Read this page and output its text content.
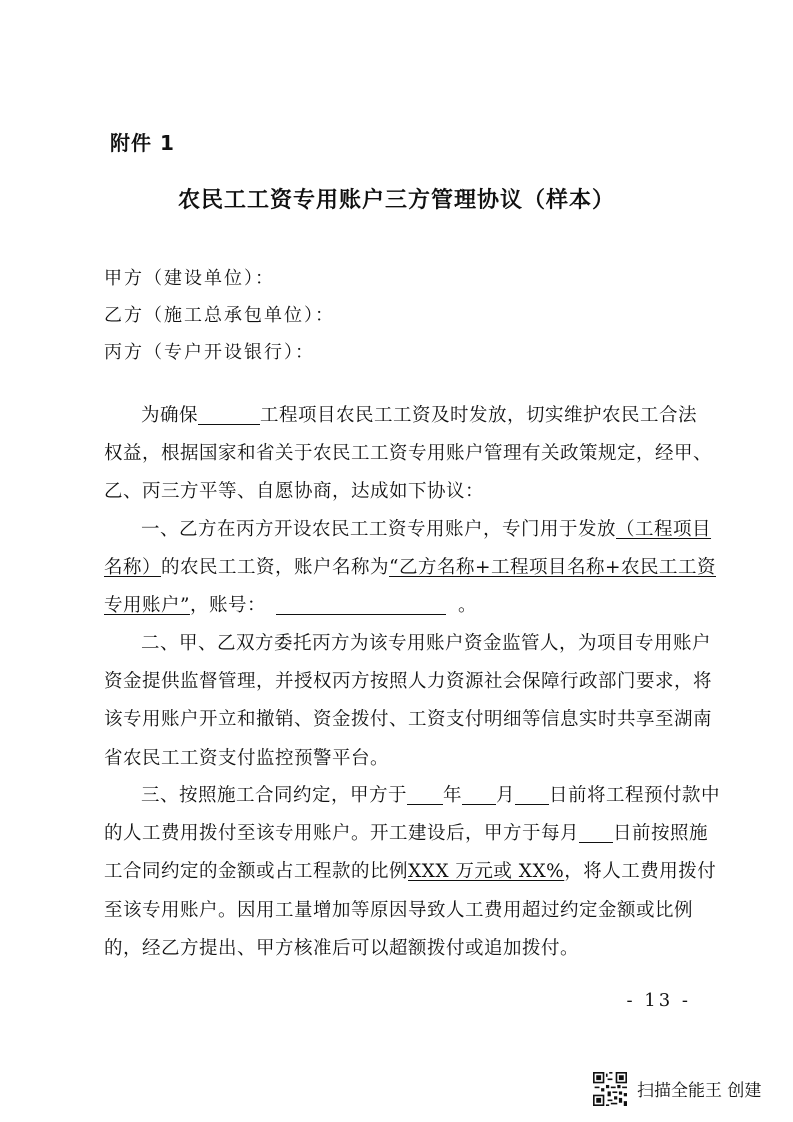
附件 1
农民工工资专用账户三方管理协议（样本）
甲方（建设单位）：
乙方（施工总承包单位）：
丙方（专户开设银行）：
为确保	工程项目农民工工资及时发放，切实维护农民工合法
权益，根据国家和省关于农民工工资专用账户管理有关政策规定，经甲、
乙、丙三方平等、自愿协商，达成如下协议：
一、乙方在丙方开设农民工工资专用账户，专门用于发放（工程项目
名称）的农民工工资，账户名称为“乙方名称+工程项目名称+农民工工资
专用账户”，账号：	。
二、甲、乙双方委托丙方为该专用账户资金监管人，为项目专用账户
资金提供监督管理，并授权丙方按照人力资源社会保障行政部门要求，将
该专用账户开立和撤销、资金拨付、工资支付明细等信息实时共享至湖南
省农民工工资支付监控预警平台。
三、按照施工合同约定，甲方于 年 月 日前将工程预付款中
的人工费用拨付至该专用账户。开工建设后，甲方于每月 日前按照施
工合同约定的金额或占工程款的比例XXX 万元或 XX%，将人工费用拨付
至该专用账户。因用工量增加等原因导致人工费用超过约定金额或比例
的，经乙方提出、甲方核准后可以超额拨付或追加拨付。
- 13 -
扫描全能王 创建
